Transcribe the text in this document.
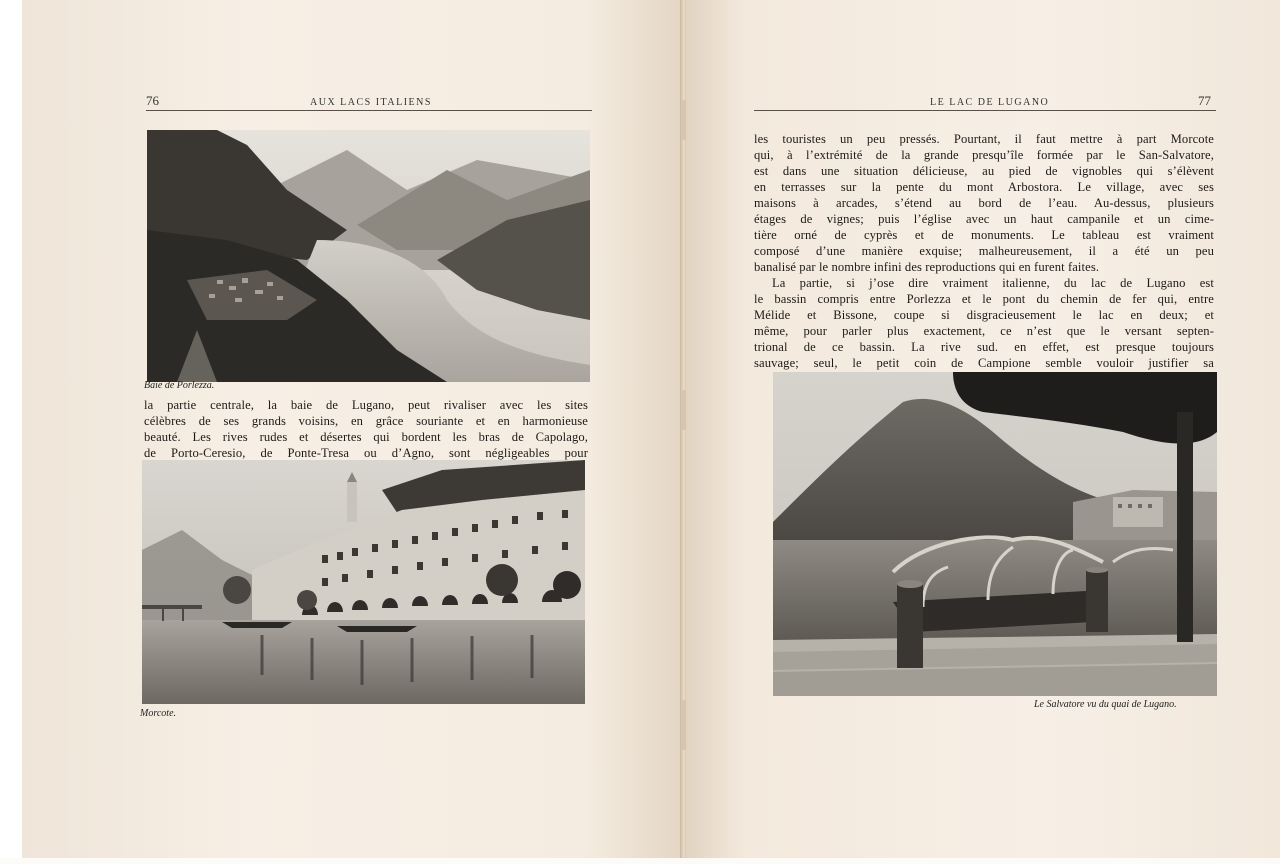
76	AUX LACS ITALIENS
Baie de Porlezza.
la partie centrale, la baie de Lugano, peut rivaliser avec les sites
célèbres de ses grands voisins, en grâce souriante et en harmonieuse
beauté. Les rives rudes et désertes qui bordent les bras de Capolago,
de Porto-Ceresio, de Ponte-Tresa ou d’Agno, sont négligeables pour
Morcote.
LE LAC DE LUGANO	77
les touristes un peu pressés. Pourtant, il faut mettre à part Morcote
qui, à l’extrémité de la grande presqu’île formée par le San-Salvatore,
est dans une situation délicieuse, au pied de vignobles qui s’élèvent
en terrasses sur la pente du mont Arbostora. Le village, avec ses
maisons à arcades, s’étend au bord de l’eau. Au-dessus, plusieurs
étages de vignes; puis l’église avec un haut campanile et un cime-
tière orné de cyprès et de monuments. Le tableau est vraiment
composé d’une manière exquise; malheureusement, il a été un peu
banalisé par le nombre infini des reproductions qui en furent faites.
La partie, si j’ose dire vraiment italienne, du lac de Lugano est
le bassin compris entre Porlezza et le pont du chemin de fer qui, entre
Mélide et Bissone, coupe si disgracieusement le lac en deux; et
même, pour parler plus exactement, ce n’est que le versant septen-
trional de ce bassin. La rive sud. en effet, est presque toujours
sauvage; seul, le petit coin de Campione semble vouloir justifier sa
Le Salvatore vu du quai de Lugano.
